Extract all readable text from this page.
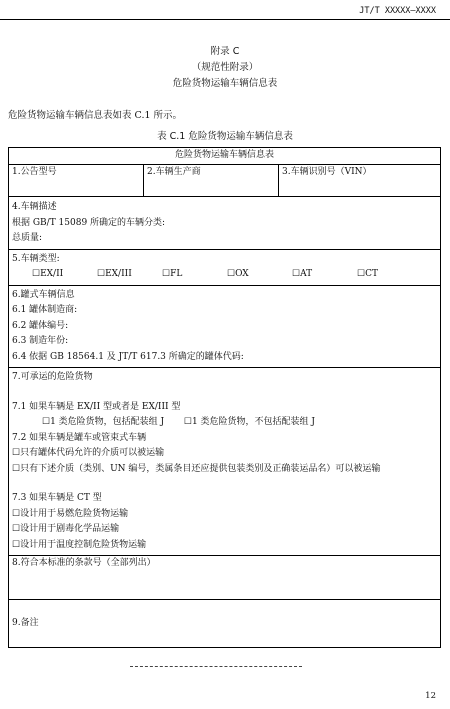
JT/T XXXXX—XXXX
附录 C
（规范性附录）
危险货物运输车辆信息表
危险货物运输车辆信息表如表 C.1 所示。
表 C.1 危险货物运输车辆信息表
危险货物运输车辆信息表
1.公告型号	2.车辆生产商	3.车辆识别号（VIN）

4.车辆描述
根据 GB/T 15089 所确定的车辆分类:
总质量:

5.车辆类型:
☐EX/II	☐EX/III	☐FL	☐OX	☐AT	☐CT

6.罐式车辆信息
6.1 罐体制造商:
6.2 罐体编号:
6.3 制造年份:
6.4 依据 GB 18564.1 及 JT/T 617.3 所确定的罐体代码:

7.可承运的危险货物
7.1 如果车辆是 EX/II 型或者是 EX/III 型
☐1 类危险货物，包括配装组 J ☐1 类危险货物，不包括配装组 J
7.2 如果车辆是罐车或管束式车辆
☐只有罐体代码允许的介质可以被运输
☐只有下述介质（类别、UN 编号，类属条目还应提供包装类别及正确装运品名）可以被运输
7.3 如果车辆是 CT 型
☐设计用于易燃危险货物运输
☐设计用于剧毒化学品运输
☐设计用于温度控制危险货物运输

8.符合本标准的条款号（全部列出）

9.备注
12
